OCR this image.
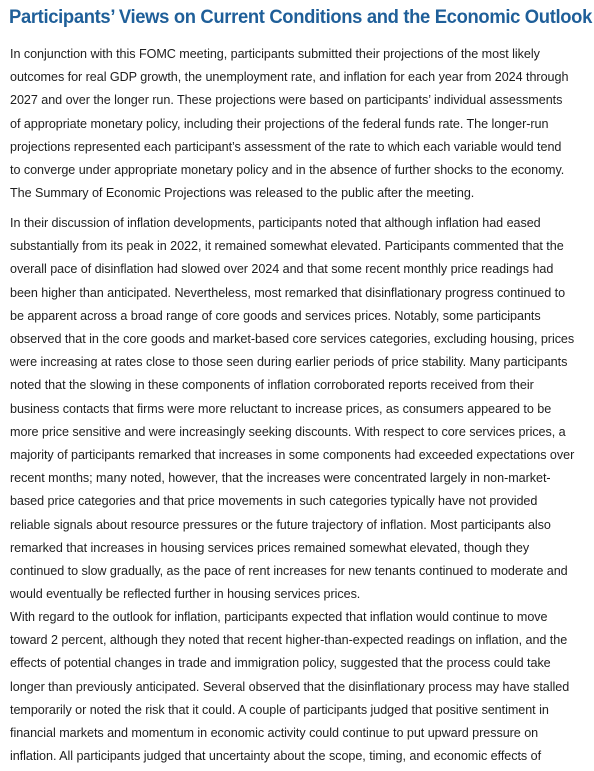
Participants’ Views on Current Conditions and the Economic Outlook

In conjunction with this FOMC meeting, participants submitted their projections of the most likely
outcomes for real GDP growth, the unemployment rate, and inflation for each year from 2024 through
2027 and over the longer run. These projections were based on participants’ individual assessments
of appropriate monetary policy, including their projections of the federal funds rate. The longer-run
projections represented each participant’s assessment of the rate to which each variable would tend
to converge under appropriate monetary policy and in the absence of further shocks to the economy.
The Summary of Economic Projections was released to the public after the meeting.

In their discussion of inflation developments, participants noted that although inflation had eased
substantially from its peak in 2022, it remained somewhat elevated. Participants commented that the
overall pace of disinflation had slowed over 2024 and that some recent monthly price readings had
been higher than anticipated. Nevertheless, most remarked that disinflationary progress continued to
be apparent across a broad range of core goods and services prices. Notably, some participants
observed that in the core goods and market-based core services categories, excluding housing, prices
were increasing at rates close to those seen during earlier periods of price stability. Many participants
noted that the slowing in these components of inflation corroborated reports received from their
business contacts that firms were more reluctant to increase prices, as consumers appeared to be
more price sensitive and were increasingly seeking discounts. With respect to core services prices, a
majority of participants remarked that increases in some components had exceeded expectations over
recent months; many noted, however, that the increases were concentrated largely in non-market-
based price categories and that price movements in such categories typically have not provided
reliable signals about resource pressures or the future trajectory of inflation. Most participants also
remarked that increases in housing services prices remained somewhat elevated, though they
continued to slow gradually, as the pace of rent increases for new tenants continued to moderate and
would eventually be reflected further in housing services prices.

With regard to the outlook for inflation, participants expected that inflation would continue to move
toward 2 percent, although they noted that recent higher-than-expected readings on inflation, and the
effects of potential changes in trade and immigration policy, suggested that the process could take
longer than previously anticipated. Several observed that the disinflationary process may have stalled
temporarily or noted the risk that it could. A couple of participants judged that positive sentiment in
financial markets and momentum in economic activity could continue to put upward pressure on
inflation. All participants judged that uncertainty about the scope, timing, and economic effects of
